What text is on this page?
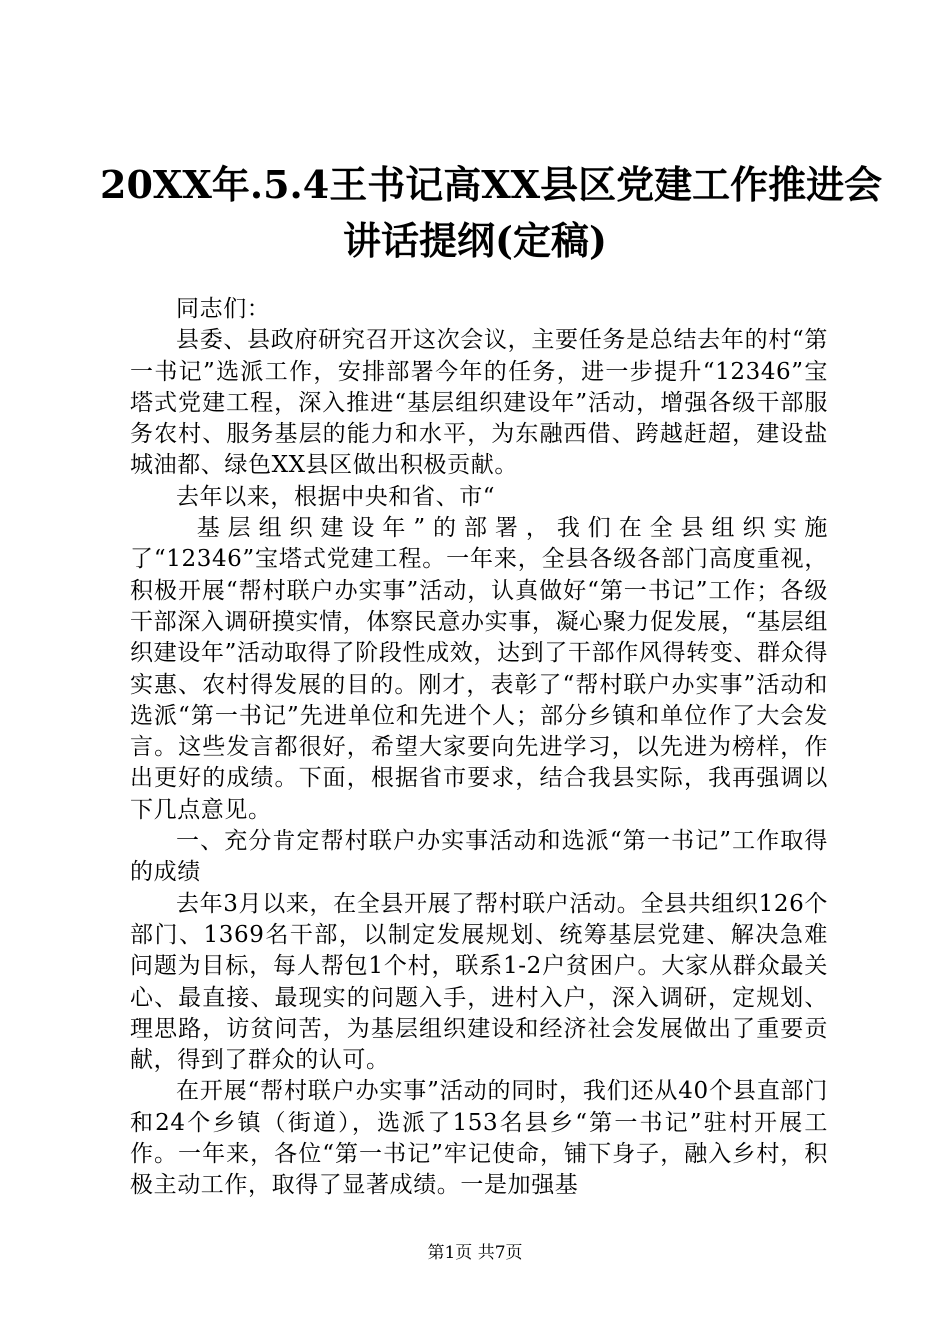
20XX年.5.4王书记高XX县区党建工作推进会
讲话提纲(定稿)

同志们：

县委、县政府研究召开这次会议，主要任务是总结去年的村“第一书记”选派工作，安排部署今年的任务，进一步提升“12346”宝塔式党建工程，深入推进“基层组织建设年”活动，增强各级干部服务农村、服务基层的能力和水平，为东融西借、跨越赶超，建设盐城油都、绿色XX县区做出积极贡献。

去年以来，根据中央和省、市“

基层组织建设年”的部署，我们在全县组织实施了“12346”宝塔式党建工程。一年来，全县各级各部门高度重视，积极开展“帮村联户办实事”活动，认真做好“第一书记”工作；各级干部深入调研摸实情，体察民意办实事，凝心聚力促发展，“基层组织建设年”活动取得了阶段性成效，达到了干部作风得转变、群众得实惠、农村得发展的目的。刚才，表彰了“帮村联户办实事”活动和选派“第一书记”先进单位和先进个人；部分乡镇和单位作了大会发言。这些发言都很好，希望大家要向先进学习，以先进为榜样，作出更好的成绩。下面，根据省市要求，结合我县实际，我再强调以下几点意见。

一、充分肯定帮村联户办实事活动和选派“第一书记”工作取得的成绩

去年3月以来，在全县开展了帮村联户活动。全县共组织126个部门、1369名干部，以制定发展规划、统筹基层党建、解决急难问题为目标，每人帮包1个村，联系1-2户贫困户。大家从群众最关心、最直接、最现实的问题入手，进村入户，深入调研，定规划、理思路，访贫问苦，为基层组织建设和经济社会发展做出了重要贡献，得到了群众的认可。

在开展“帮村联户办实事”活动的同时，我们还从40个县直部门和24个乡镇（街道），选派了153名县乡“第一书记”驻村开展工作。一年来，各位“第一书记”牢记使命，铺下身子，融入乡村，积极主动工作，取得了显著成绩。一是加强基

第1页 共7页
